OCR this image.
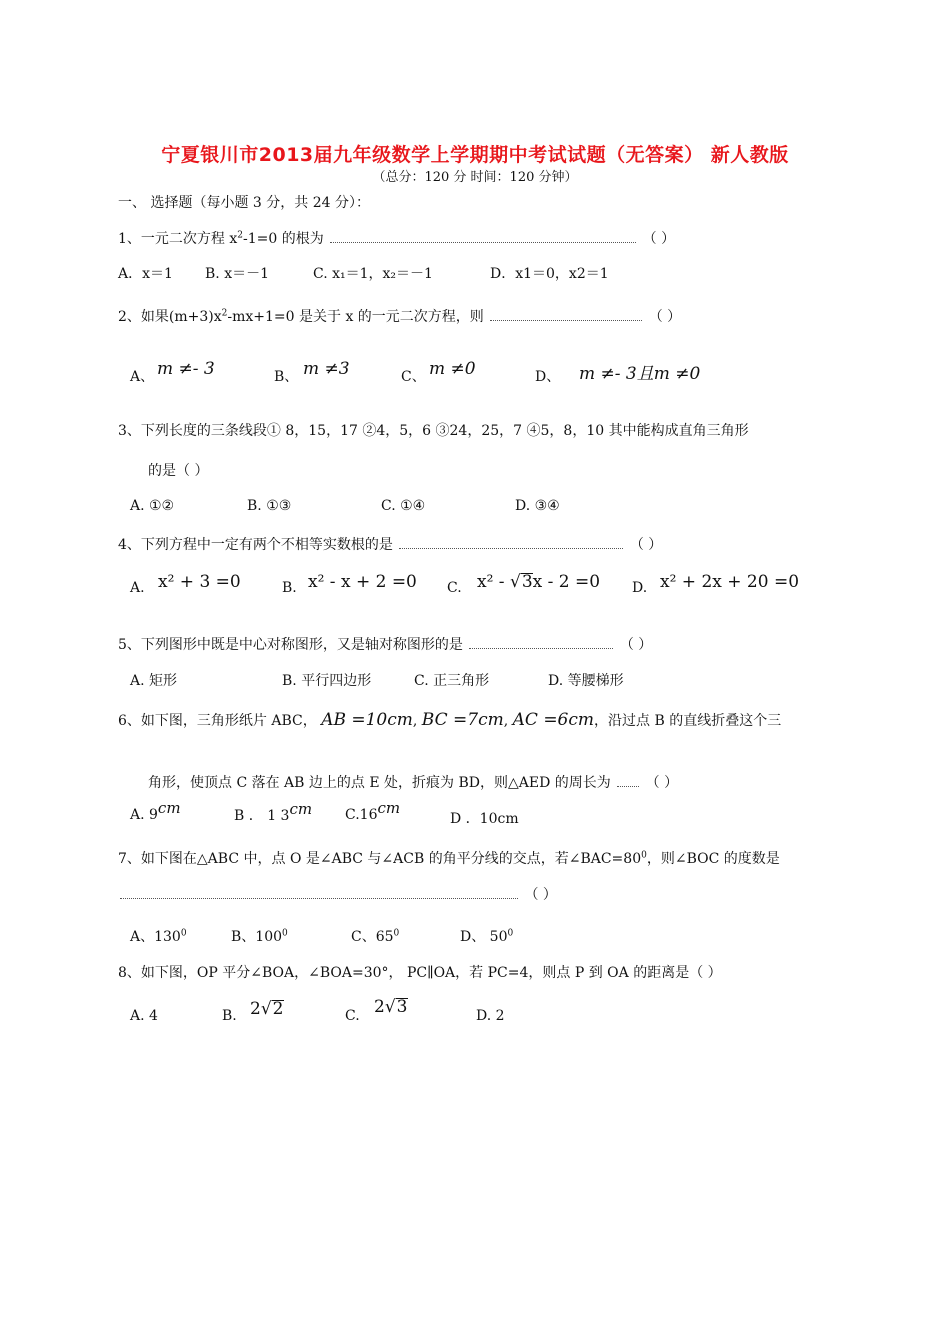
宁夏银川市2013届九年级数学上学期期中考试试题（无答案） 新人教版
（总分：120 分 时间：120 分钟）
一、 选择题（每小题 3 分，共 24 分）：
1、一元二次方程 $x^2-1=0$ 的根为	（ ）
A．x＝1 B. x＝－1	C. x₁＝1，x₂＝－1	D．x1＝0，x2＝1
2、如果$(m+3)x^2-mx+1=0$ 是关于 x 的一元二次方程，则	（ ）
A、 m ≠- 3	B、 m ≠3	C、 m ≠0	D、 m ≠- 3且m ≠0
3、下列长度的三条线段① 8，15，17 ②4，5，6 ③24，25，7 ④5，8，10 其中能构成直角三角形
的是（ ）
A. ①②	B. ①③	C. ①④	D. ③④
4、下列方程中一定有两个不相等实数根的是	（ ）
A. x² + 3 =0	B. x² - x + 2 =0 C. x² - √3x - 2 =0 D. x² + 2x + 20 =0
5、下列图形中既是中心对称图形，又是轴对称图形的是	（ ）
A. 矩形	B. 平行四边形	C. 正三角形	D. 等腰梯形
6、如下图，三角形纸片 ABC， AB =10cm, BC =7cm, AC =6cm，沿过点 B 的直线折叠这个三
角形，使顶点 C 落在 AB 边上的点 E 处，折痕为 BD，则△AED 的周长为 （ ）
A. 9cm	B ． 1 3cm C.16cm
D ．10cm
7、如下图在△ABC 中，点 O 是∠ABC 与∠ACB 的角平分线的交点，若$\angle BAC=80^0$，则∠BOC 的度数是
（ ）
A、$130^0$	B、$100^0$	C、$65^0$	D、 $50^0$
8、如下图，OP 平分∠BOA，∠BOA=30°， PC∥OA，若 PC=4，则点 P 到 OA 的距离是（ ）
A. 4	B. 2√2	C. 2√3	D. 2
